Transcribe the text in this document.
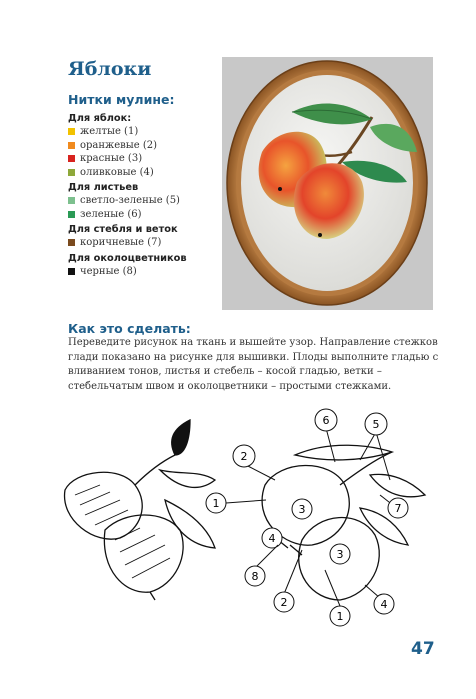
Яблоки
Нитки мулине:
Для яблок:
желтые (1)
оранжевые (2)
красные (3)
оливковые (4)
Для листьев
светло-зеленые (5)
зеленые (6)
Для стебля и веток
коричневые (7)
Для околоцветников
черные (8)
Как это сделать:
Переведите рисунок на ткань и вышейте узор. Направление стежков глади показано на рисунке для вышивки. Плоды выполните гладью с вливанием тонов, листья и стебель – косой гладью, ветки – стебельчатым швом и околоцветники – простыми стежками.
6	5
2
1	3	7
4
3
8
2
1
4
47
